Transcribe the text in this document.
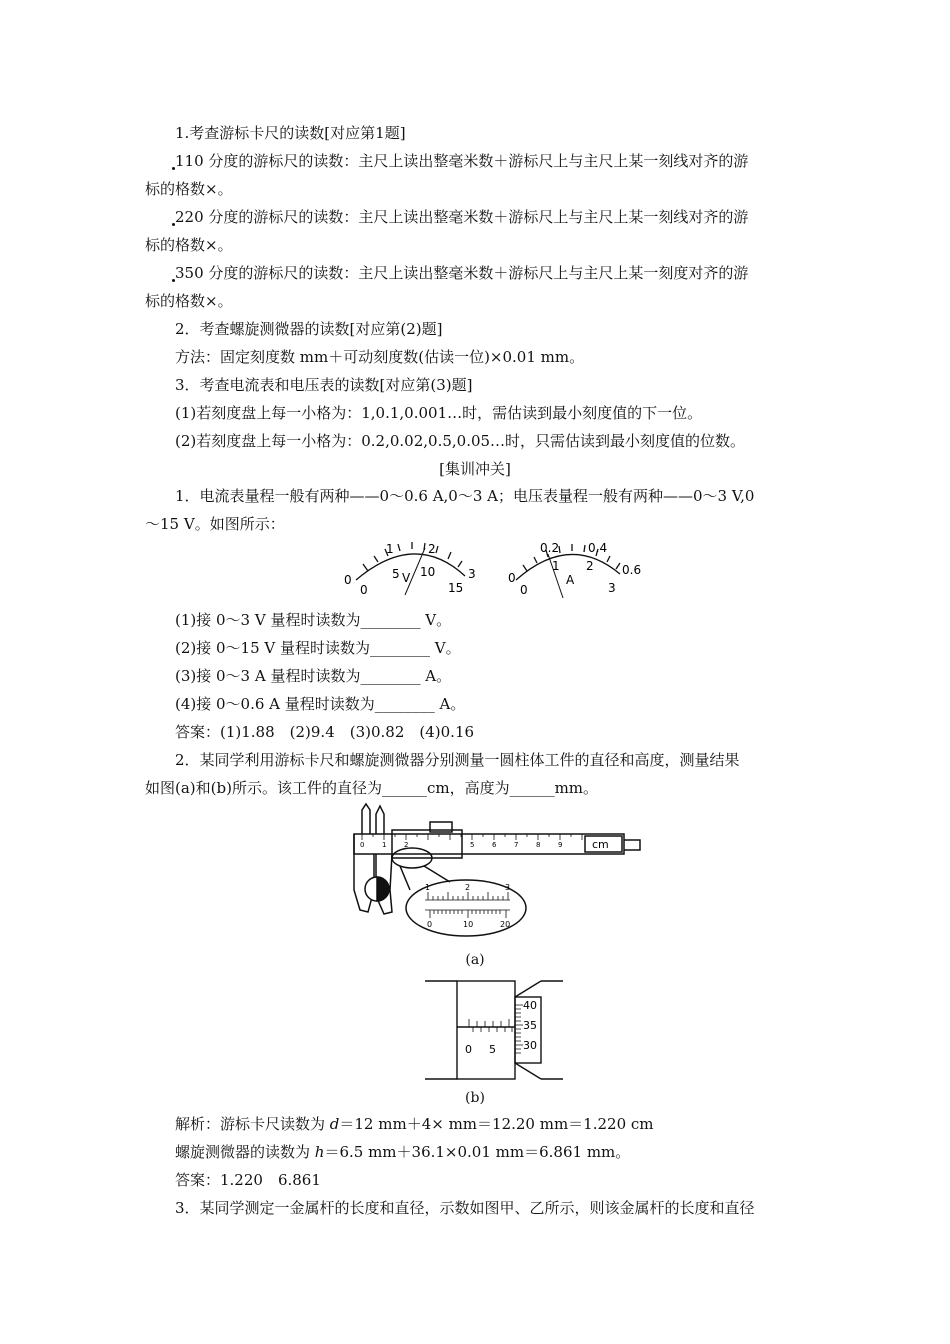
1.考查游标卡尺的读数[对应第1题]
110 分度的游标尺的读数：主尺上读出整毫米数＋游标尺上与主尺上某一刻线对齐的游
标的格数×。
220 分度的游标尺的读数：主尺上读出整毫米数＋游标尺上与主尺上某一刻线对齐的游
标的格数×。
350 分度的游标尺的读数：主尺上读出整毫米数＋游标尺上与主尺上某一刻度对齐的游
标的格数×。
2．考查螺旋测微器的读数[对应第(2)题]
方法：固定刻度数 mm＋可动刻度数(估读一位)×0.01 mm。
3．考查电流表和电压表的读数[对应第(3)题]
(1)若刻度盘上每一小格为：1,0.1,0.001…时，需估读到最小刻度值的下一位。
(2)若刻度盘上每一小格为：0.2,0.02,0.5,0.05…时，只需估读到最小刻度值的位数。
[集训冲关]
1．电流表量程一般有两种——0～0.6 A,0～3 A；电压表量程一般有两种——0～3 V,0
～15 V。如图所示：
1	2
3
0
0
5 10
15
V	0
0.2 0.4
0.6
0
1 2
3
A
(1)接 0～3 V 量程时读数为________ V。
(2)接 0～15 V 量程时读数为________ V。
(3)接 0～3 A 量程时读数为________ A。
(4)接 0～0.6 A 量程时读数为________ A。
答案：(1)1.88　(2)9.4　(3)0.82　(4)0.16
2．某同学利用游标卡尺和螺旋测微器分别测量一圆柱体工件的直径和高度，测量结果
如图(a)和(b)所示。该工件的直径为______cm，高度为______mm。
0	1	2	5	6	7	8	9	cm
1	2	3
0	10	20
(a)
0 5
40
35
30
(b)
解析：游标卡尺读数为 d＝12 mm＋4× mm＝12.20 mm＝1.220 cm
螺旋测微器的读数为 h＝6.5 mm＋36.1×0.01 mm＝6.861 mm。
答案：1.220　6.861
3．某同学测定一金属杆的长度和直径，示数如图甲、乙所示，则该金属杆的长度和直径
